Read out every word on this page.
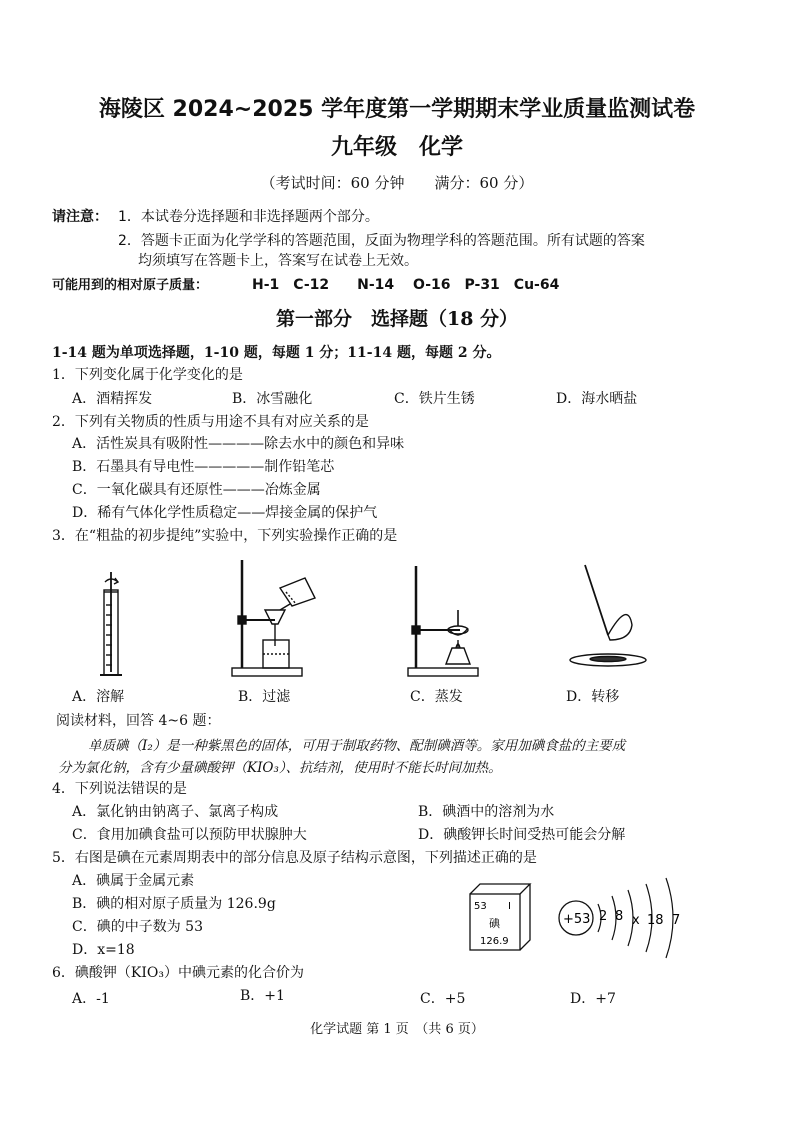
海陵区 2024~2025 学年度第一学期期末学业质量监测试卷
九年级　化学
（考试时间：60 分钟　　满分：60 分）
请注意： 1．本试卷分选择题和非选择题两个部分。
2．答题卡正面为化学学科的答题范围，反面为物理学科的答题范围。所有试题的答案
均须填写在答题卡上，答案写在试卷上无效。
可能用到的相对原子质量：	H-1　C-12　　N-14　 O-16　P-31　Cu-64
第一部分　选择题（18 分）
1-14 题为单项选择题，1-10 题，每题 1 分；11-14 题，每题 2 分。
1．下列变化属于化学变化的是
A．酒精挥发	B．冰雪融化	C．铁片生锈	D．海水晒盐
2．下列有关物质的性质与用途不具有对应关系的是
A．活性炭具有吸附性————除去水中的颜色和异味
B．石墨具有导电性—————制作铅笔芯
C．一氧化碳具有还原性———冶炼金属
D．稀有气体化学性质稳定——焊接金属的保护气
3．在“粗盐的初步提纯”实验中，下列实验操作正确的是
A．溶解	B．过滤	C．蒸发	D．转移
阅读材料，回答 4~6 题：
单质碘（I₂）是一种紫黑色的固体，可用于制取药物、配制碘酒等。家用加碘食盐的主要成
分为氯化钠，含有少量碘酸钾（KIO₃）、抗结剂，使用时不能长时间加热。
4．下列说法错误的是
A．氯化钠由钠离子、氯离子构成	B．碘酒中的溶剂为水
C．食用加碘食盐可以预防甲状腺肿大	D．碘酸钾长时间受热可能会分解
5．右图是碘在元素周期表中的部分信息及原子结构示意图，下列描述正确的是
A．碘属于金属元素
B．碘的相对原子质量为 126.9g
C．碘的中子数为 53
D．x=18
53 I
碘
126.9
+53 2 8 x 18 7
6．碘酸钾（KIO₃）中碘元素的化合价为
A．-1	B．+1	C．+5	D．+7
化学试题 第 1 页　（共 6 页）
